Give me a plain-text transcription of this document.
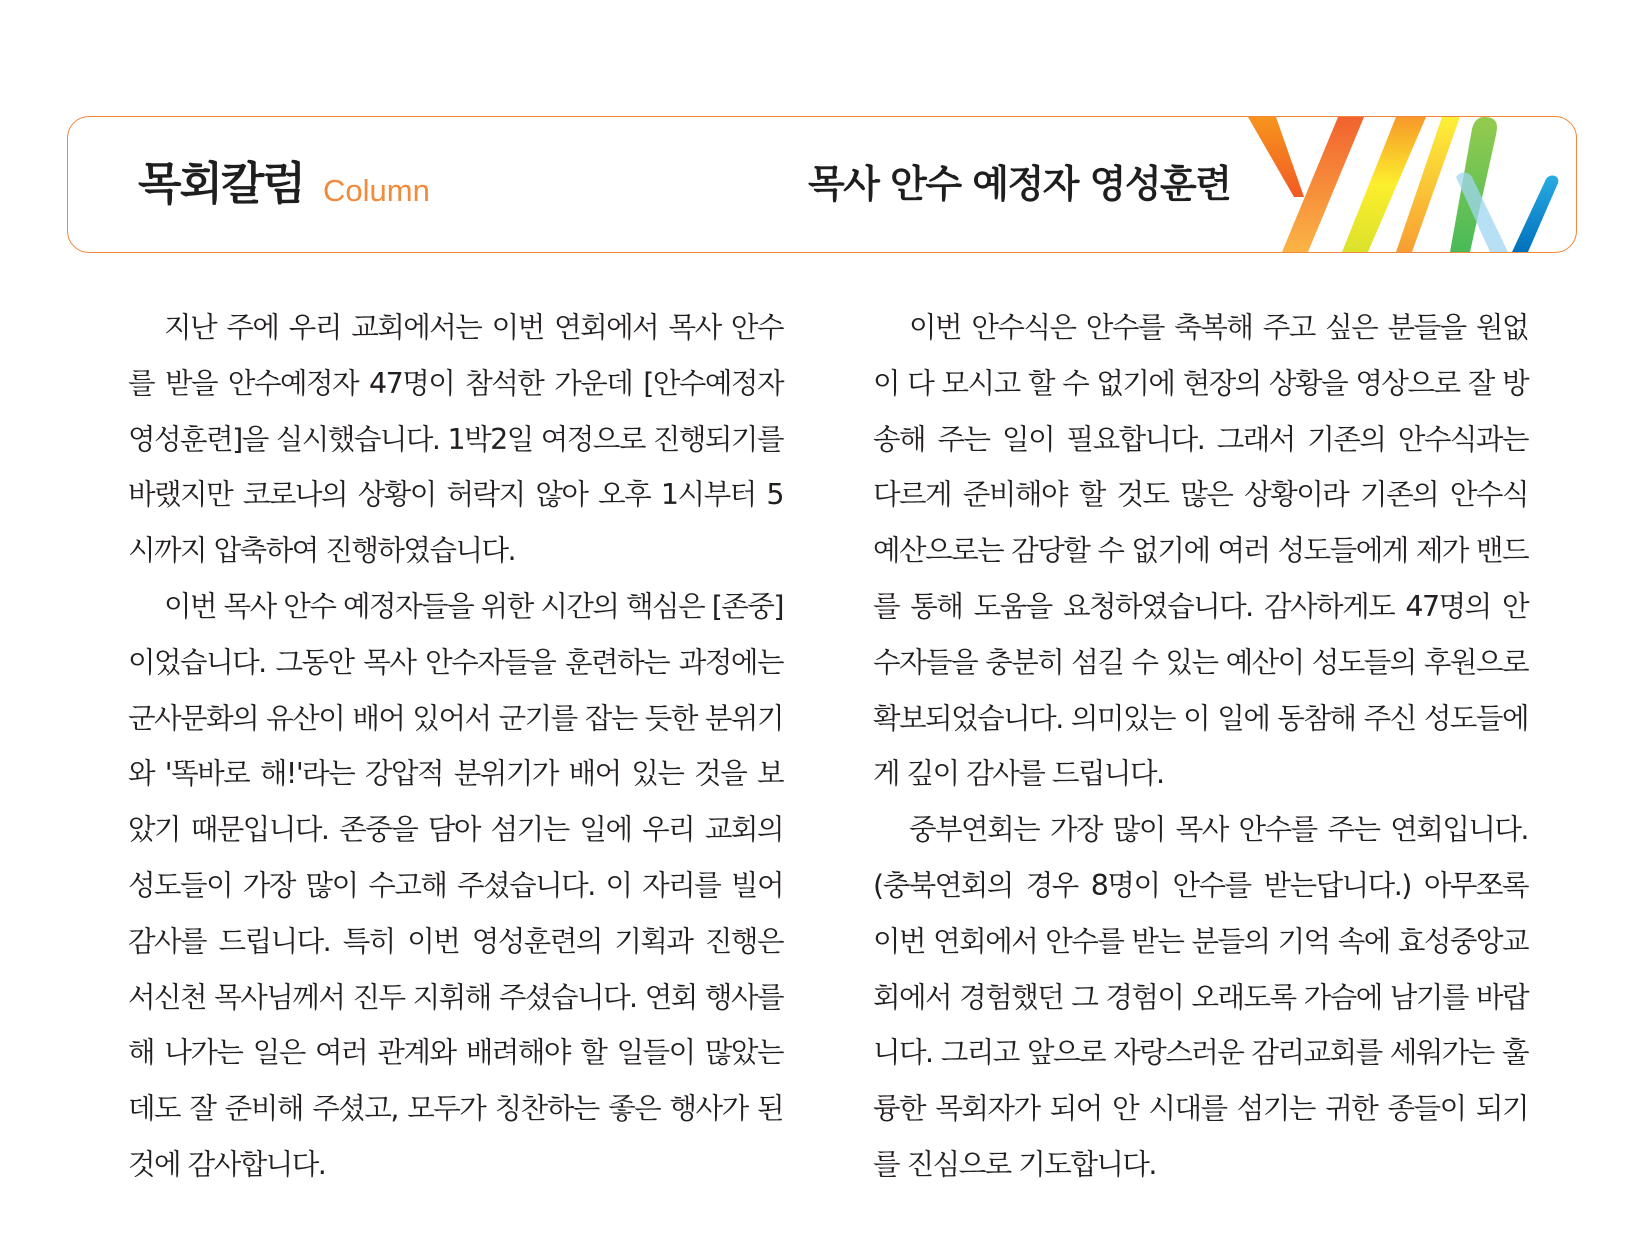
목회칼럼 Column	목사 안수 예정자 영성훈련

지난 주에 우리 교회에서는 이번 연회에서 목사 안수를 받을 안수예정자 47명이 참석한 가운데 [안수예정자 영성훈련]을 실시했습니다. 1박2일 여정으로 진행되기를 바랬지만 코로나의 상황이 허락지 않아 오후 1시부터 5시까지 압축하여 진행하였습니다.

이번 목사 안수 예정자들을 위한 시간의 핵심은 [존중]이었습니다. 그동안 목사 안수자들을 훈련하는 과정에는 군사문화의 유산이 배어 있어서 군기를 잡는 듯한 분위기와 '똑바로 해!'라는 강압적 분위기가 배어 있는 것을 보았기 때문입니다. 존중을 담아 섬기는 일에 우리 교회의 성도들이 가장 많이 수고해 주셨습니다. 이 자리를 빌어 감사를 드립니다. 특히 이번 영성훈련의 기획과 진행은 서신천 목사님께서 진두 지휘해 주셨습니다. 연회 행사를 해 나가는 일은 여러 관계와 배려해야 할 일들이 많았는데도 잘 준비해 주셨고, 모두가 칭찬하는 좋은 행사가 된 것에 감사합니다.

이번 안수식은 안수를 축복해 주고 싶은 분들을 원없이 다 모시고 할 수 없기에 현장의 상황을 영상으로 잘 방송해 주는 일이 필요합니다. 그래서 기존의 안수식과는 다르게 준비해야 할 것도 많은 상황이라 기존의 안수식 예산으로는 감당할 수 없기에 여러 성도들에게 제가 밴드를 통해 도움을 요청하였습니다. 감사하게도 47명의 안수자들을 충분히 섬길 수 있는 예산이 성도들의 후원으로 확보되었습니다. 의미있는 이 일에 동참해 주신 성도들에게 깊이 감사를 드립니다.

중부연회는 가장 많이 목사 안수를 주는 연회입니다. (충북연회의 경우 8명이 안수를 받는답니다.) 아무쪼록 이번 연회에서 안수를 받는 분들의 기억 속에 효성중앙교회에서 경험했던 그 경험이 오래도록 가슴에 남기를 바랍니다. 그리고 앞으로 자랑스러운 감리교회를 세워가는 훌륭한 목회자가 되어 안 시대를 섬기는 귀한 종들이 되기를 진심으로 기도합니다.
